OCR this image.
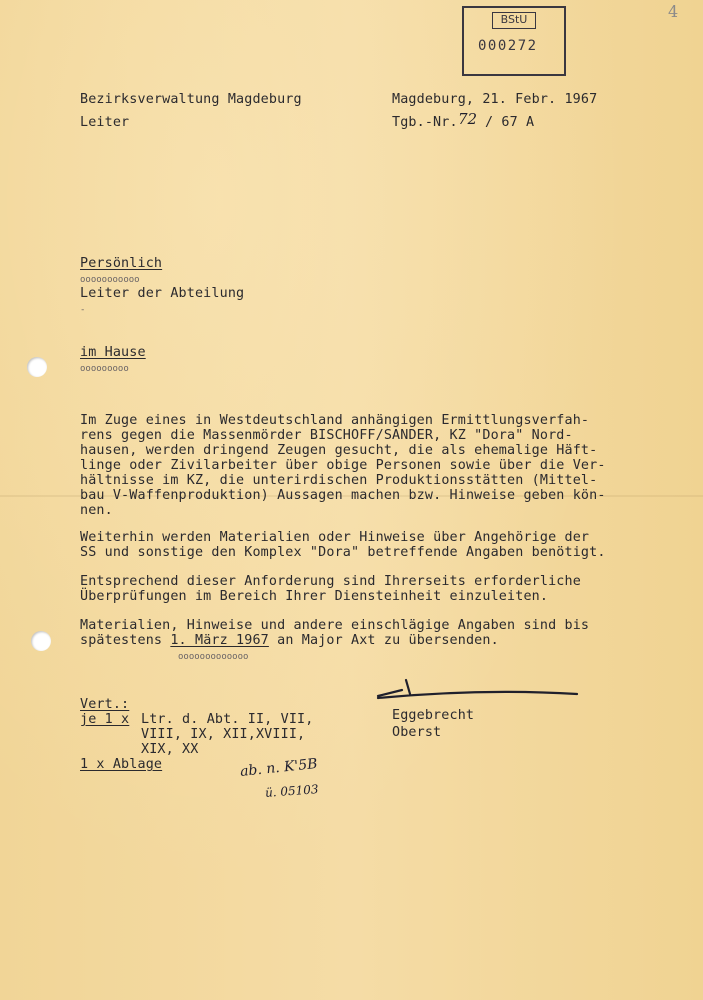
BStU
000272
4
Bezirksverwaltung Magdeburg
Leiter
Magdeburg, 21. Febr. 1967
Tgb.-Nr. 72 / 67 A
Persönlich
ooooooooooo
Leiter der Abteilung
-
im Hause
ooooooooo
Im Zuge eines in Westdeutschland anhängigen Ermittlungsverfah-
rens gegen die Massenmörder BISCHOFF/SANDER, KZ "Dora" Nord-
hausen, werden dringend Zeugen gesucht, die als ehemalige Häft-
linge oder Zivilarbeiter über obige Personen sowie über die Ver-
hältnisse im KZ, die unterirdischen Produktionsstätten (Mittel-
bau V-Waffenproduktion) Aussagen machen bzw. Hinweise geben kön-
nen.
Weiterhin werden Materialien oder Hinweise über Angehörige der
SS und sonstige den Komplex "Dora" betreffende Angaben benötigt.
Entsprechend dieser Anforderung sind Ihrerseits erforderliche
Überprüfungen im Bereich Ihrer Diensteinheit einzuleiten.
Materialien, Hinweise und andere einschlägige Angaben sind bis
spätestens 1. März 1967 an Major Axt zu übersenden.
ooooooooooooo
Vert.:
je 1 x Ltr. d. Abt. II, VII,
VIII, IX, XII,XVIII,
XIX, XX
1 x Ablage
Eggebrecht
Oberst
ab. n. K'5B
ü. 05103
